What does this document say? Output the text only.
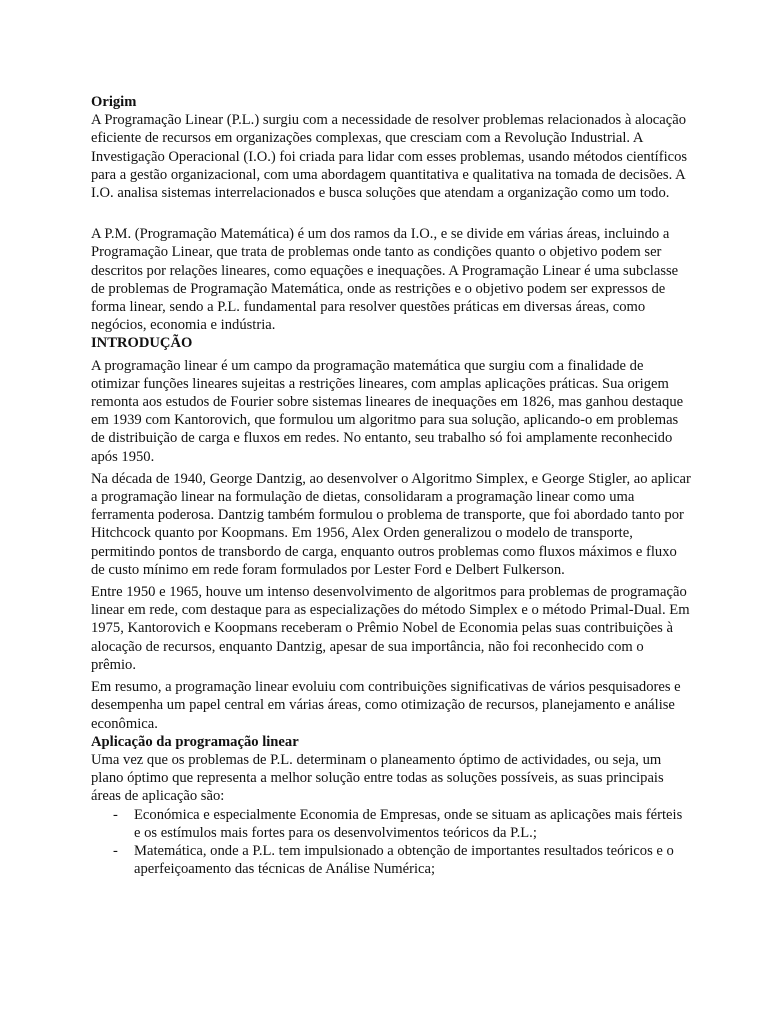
Origim

A Programação Linear (P.L.) surgiu com a necessidade de resolver problemas relacionados à alocação eficiente de recursos em organizações complexas, que cresciam com a Revolução Industrial. A Investigação Operacional (I.O.) foi criada para lidar com esses problemas, usando métodos científicos para a gestão organizacional, com uma abordagem quantitativa e qualitativa na tomada de decisões. A I.O. analisa sistemas interrelacionados e busca soluções que atendam a organização como um todo.

A P.M. (Programação Matemática) é um dos ramos da I.O., e se divide em várias áreas, incluindo a Programação Linear, que trata de problemas onde tanto as condições quanto o objetivo podem ser descritos por relações lineares, como equações e inequações. A Programação Linear é uma subclasse de problemas de Programação Matemática, onde as restrições e o objetivo podem ser expressos de forma linear, sendo a P.L. fundamental para resolver questões práticas em diversas áreas, como negócios, economia e indústria.

INTRODUÇÃO

A programação linear é um campo da programação matemática que surgiu com a finalidade de otimizar funções lineares sujeitas a restrições lineares, com amplas aplicações práticas. Sua origem remonta aos estudos de Fourier sobre sistemas lineares de inequações em 1826, mas ganhou destaque em 1939 com Kantorovich, que formulou um algoritmo para sua solução, aplicando-o em problemas de distribuição de carga e fluxos em redes. No entanto, seu trabalho só foi amplamente reconhecido após 1950.

Na década de 1940, George Dantzig, ao desenvolver o Algoritmo Simplex, e George Stigler, ao aplicar a programação linear na formulação de dietas, consolidaram a programação linear como uma ferramenta poderosa. Dantzig também formulou o problema de transporte, que foi abordado tanto por Hitchcock quanto por Koopmans. Em 1956, Alex Orden generalizou o modelo de transporte, permitindo pontos de transbordo de carga, enquanto outros problemas como fluxos máximos e fluxo de custo mínimo em rede foram formulados por Lester Ford e Delbert Fulkerson.

Entre 1950 e 1965, houve um intenso desenvolvimento de algoritmos para problemas de programação linear em rede, com destaque para as especializações do método Simplex e o método Primal-Dual. Em 1975, Kantorovich e Koopmans receberam o Prêmio Nobel de Economia pelas suas contribuições à alocação de recursos, enquanto Dantzig, apesar de sua importância, não foi reconhecido com o prêmio.

Em resumo, a programação linear evoluiu com contribuições significativas de vários pesquisadores e desempenha um papel central em várias áreas, como otimização de recursos, planejamento e análise econômica.

Aplicação da programação linear

Uma vez que os problemas de P.L. determinam o planeamento óptimo de actividades, ou seja, um plano óptimo que representa a melhor solução entre todas as soluções possíveis, as suas principais áreas de aplicação são:

- Económica e especialmente Economia de Empresas, onde se situam as aplicações mais férteis e os estímulos mais fortes para os desenvolvimentos teóricos da P.L.;
- Matemática, onde a P.L. tem impulsionado a obtenção de importantes resultados teóricos e o aperfeiçoamento das técnicas de Análise Numérica;
